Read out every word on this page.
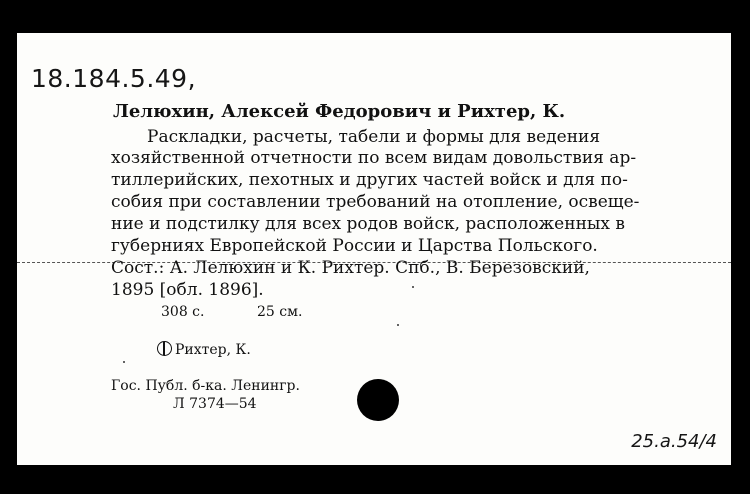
18.184.5.49,
Лелюхин, Алексей Федорович и Рихтер, К.
Раскладки, расчеты, табели и формы для ведения
хозяйственной отчетности по всем видам довольствия ар-
тиллерийских, пехотных и других частей войск и для по-
собия при составлении требований на отопление, освеще-
ние и подстилку для всех родов войск, расположенных в
губерниях Европейской России и Царства Польского.
Сост.: А. Лелюхин и К. Рихтер. Спб., В. Березовский,
1895 [обл. 1896].
308 с.	25 см.
Рихтер, К.
Гос. Публ. б-ка. Ленингр.
Л 7374—54
25.а.54/4
